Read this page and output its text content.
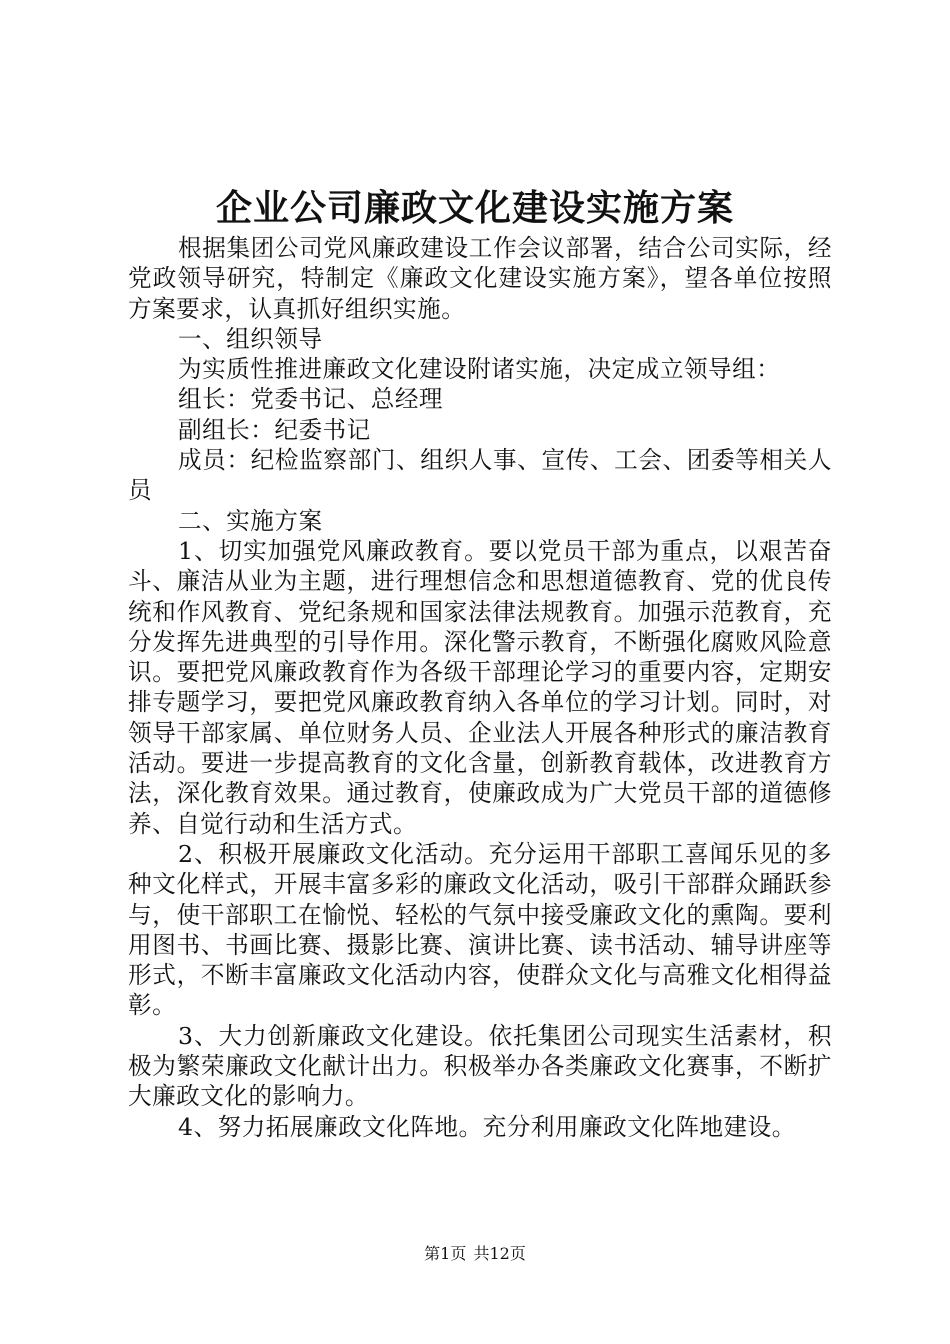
企业公司廉政文化建设实施方案

根据集团公司党风廉政建设工作会议部署，结合公司实际，经党政领导研究，特制定《廉政文化建设实施方案》，望各单位按照方案要求，认真抓好组织实施。

一、组织领导

为实质性推进廉政文化建设附诸实施，决定成立领导组：

组长：党委书记、总经理

副组长：纪委书记

成员：纪检监察部门、组织人事、宣传、工会、团委等相关人员

二、实施方案

1、切实加强党风廉政教育。要以党员干部为重点，以艰苦奋斗、廉洁从业为主题，进行理想信念和思想道德教育、党的优良传统和作风教育、党纪条规和国家法律法规教育。加强示范教育，充分发挥先进典型的引导作用。深化警示教育，不断强化腐败风险意识。要把党风廉政教育作为各级干部理论学习的重要内容，定期安排专题学习，要把党风廉政教育纳入各单位的学习计划。同时，对领导干部家属、单位财务人员、企业法人开展各种形式的廉洁教育活动。要进一步提高教育的文化含量，创新教育载体，改进教育方法，深化教育效果。通过教育，使廉政成为广大党员干部的道德修养、自觉行动和生活方式。

2、积极开展廉政文化活动。充分运用干部职工喜闻乐见的多种文化样式，开展丰富多彩的廉政文化活动，吸引干部群众踊跃参与，使干部职工在愉悦、轻松的气氛中接受廉政文化的熏陶。要利用图书、书画比赛、摄影比赛、演讲比赛、读书活动、辅导讲座等形式，不断丰富廉政文化活动内容，使群众文化与高雅文化相得益彰。

3、大力创新廉政文化建设。依托集团公司现实生活素材，积极为繁荣廉政文化献计出力。积极举办各类廉政文化赛事，不断扩大廉政文化的影响力。

4、努力拓展廉政文化阵地。充分利用廉政文化阵地建设。

第1页 共12页
